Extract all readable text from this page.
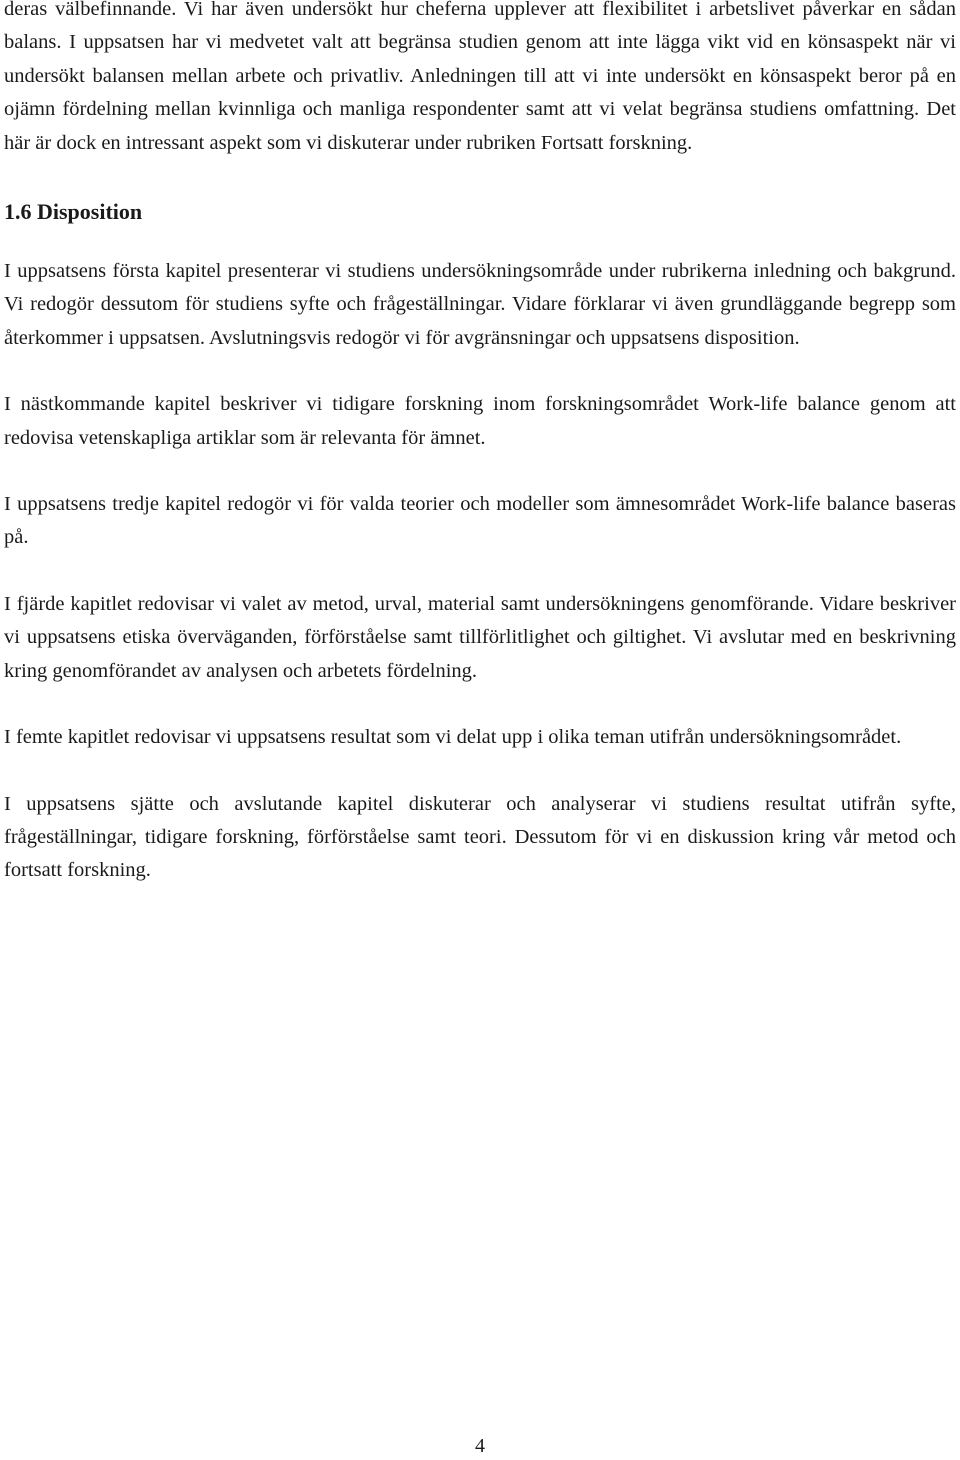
deras välbefinnande. Vi har även undersökt hur cheferna upplever att flexibilitet i arbetslivet påverkar en sådan balans. I uppsatsen har vi medvetet valt att begränsa studien genom att inte lägga vikt vid en könsaspekt när vi undersökt balansen mellan arbete och privatliv. Anledningen till att vi inte undersökt en könsaspekt beror på en ojämn fördelning mellan kvinnliga och manliga respondenter samt att vi velat begränsa studiens omfattning. Det här är dock en intressant aspekt som vi diskuterar under rubriken Fortsatt forskning.

1.6 Disposition

I uppsatsens första kapitel presenterar vi studiens undersökningsområde under rubrikerna inledning och bakgrund. Vi redogör dessutom för studiens syfte och frågeställningar. Vidare förklarar vi även grundläggande begrepp som återkommer i uppsatsen. Avslutningsvis redogör vi för avgränsningar och uppsatsens disposition.

I nästkommande kapitel beskriver vi tidigare forskning inom forskningsområdet Work-life balance genom att redovisa vetenskapliga artiklar som är relevanta för ämnet.

I uppsatsens tredje kapitel redogör vi för valda teorier och modeller som ämnesområdet Work-life balance baseras på.

I fjärde kapitlet redovisar vi valet av metod, urval, material samt undersökningens genomförande. Vidare beskriver vi uppsatsens etiska överväganden, förförståelse samt tillförlitlighet och giltighet. Vi avslutar med en beskrivning kring genomförandet av analysen och arbetets fördelning.

I femte kapitlet redovisar vi uppsatsens resultat som vi delat upp i olika teman utifrån undersökningsområdet.

I uppsatsens sjätte och avslutande kapitel diskuterar och analyserar vi studiens resultat utifrån syfte, frågeställningar, tidigare forskning, förförståelse samt teori. Dessutom för vi en diskussion kring vår metod och fortsatt forskning.

4
